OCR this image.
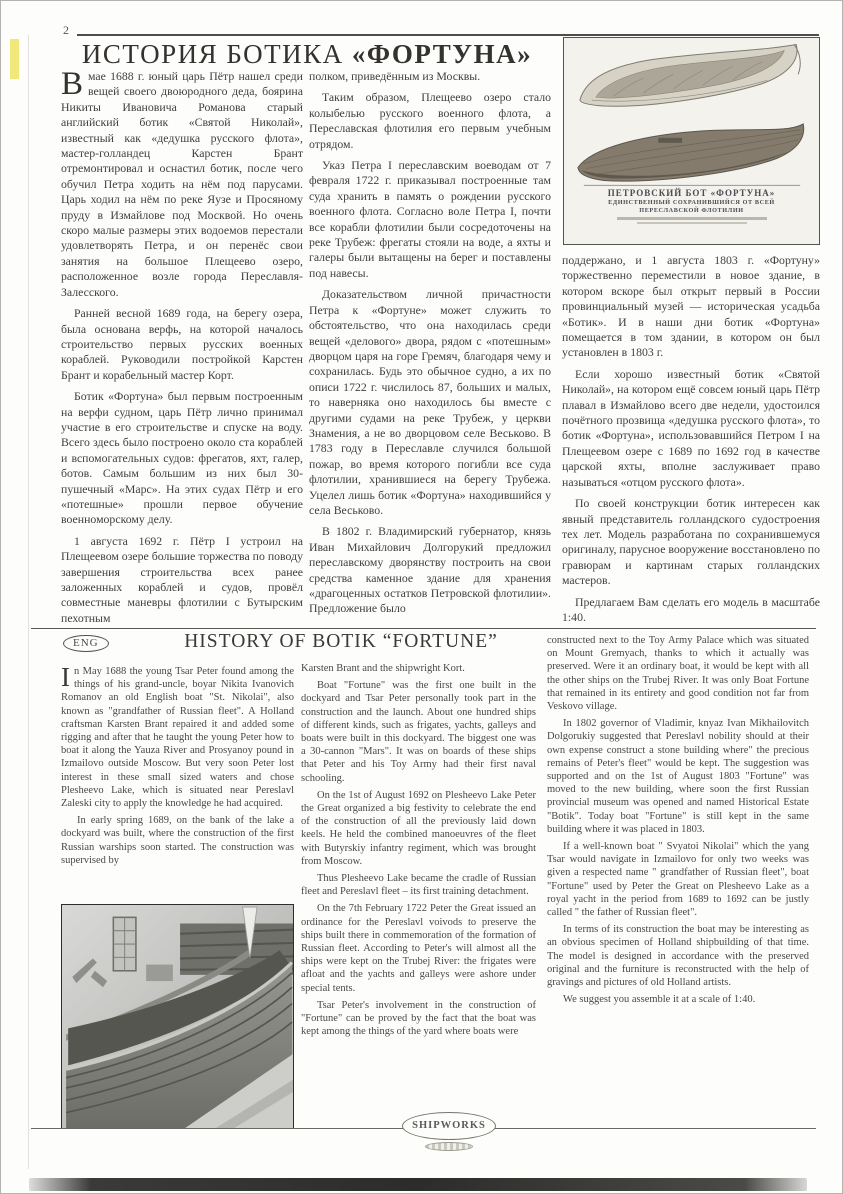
2
ИСТОРИЯ БОТИКА «ФОРТУНА»

Вмае 1688 г. юный царь Пётр нашел среди вещей своего двоюродного деда, боярина Никиты Ивановича Романова старый английский ботик «Святой Николай», известный как «дедушка русского флота», мастер-голландец Карстен Брант отремонтировал и оснастил ботик, после чего обучил Петра ходить на нём под парусами. Царь ходил на нём по реке Яузе и Просяному пруду в Измайлове под Москвой. Но очень скоро малые размеры этих водоемов перестали удовлетворять Петра, и он перенёс свои занятия на большое Плещеево озеро, расположенное возле города Переславля-Залесского.

Ранней весной 1689 года, на берегу озера, была основана верфь, на которой началось строительство первых русских военных кораблей. Руководили постройкой Карстен Брант и корабельный мастер Корт.

Ботик «Фортуна» был первым построенным на верфи судном, царь Пётр лично принимал участие в его строительстве и спуске на воду. Всего здесь было построено около ста кораблей и вспомогательных судов: фрегатов, яхт, галер, ботов. Самым большим из них был 30-пушечный «Марс». На этих судах Пётр и его «потешные» прошли первое обучение военноморскому делу.

1 августа 1692 г. Пётр I устроил на Плещеевом озере большие торжества по поводу завершения строительства всех ранее заложенных кораблей и судов, провёл совместные маневры флотилии с Бутырским пехотным

полком, приведённым из Москвы.

Таким образом, Плещеево озеро стало колыбелью русского военного флота, а Переславская флотилия его первым учебным отрядом.

Указ Петра I переславским воеводам от 7 февраля 1722 г. приказывал построенные там суда хранить в память о рождении русского военного флота. Согласно воле Петра I, почти все корабли флотилии были сосредоточены на реке Трубеж: фрегаты стояли на воде, а яхты и галеры были вытащены на берег и поставлены под навесы.

Доказательством личной причастности Петра к «Фортуне» может служить то обстоятельство, что она находилась среди вещей «делового» двора, рядом с «потешным» дворцом царя на горе Гремяч, благодаря чему и сохранилась. Будь это обычное судно, а их по описи 1722 г. числилось 87, больших и малых, то наверняка оно находилось бы вместе с другими судами на реке Трубеж, у церкви Знамения, а не во дворцовом селе Веськово. В 1783 году в Переславле случился большой пожар, во время которого погибли все суда флотилии, хранившиеся на берегу Трубежа. Уцелел лишь ботик «Фортуна» находившийся у села Веськово.

В 1802 г. Владимирский губернатор, князь Иван Михайлович Долгорукий предложил переславскому дворянству построить на свои средства каменное здание для хранения «драгоценных остатков Петровской флотилии». Предложение было

ПЕТРОВСКИЙ БОТ «ФОРТУНА»
ЕДИНСТВЕННЫЙ СОХРАНИВШИЙСЯ ОТ ВСЕЙ
ПЕРЕСЛАВСКОЙ ФЛОТИЛИИ

поддержано, и 1 августа 1803 г. «Фортуну» торжественно переместили в новое здание, в котором вскоре был открыт первый в России провинциальный музей — историческая усадьба «Ботик». И в наши дни ботик «Фортуна» помещается в том здании, в котором он был установлен в 1803 г.

Если хорошо известный ботик «Святой Николай», на котором ещё совсем юный царь Пётр плавал в Измайлово всего две недели, удостоился почётного прозвища «дедушка русского флота», то ботик «Фортуна», использовавшийся Петром I на Плещеевом озере с 1689 по 1692 год в качестве царской яхты, вполне заслуживает право называться «отцом русского флота».

По своей конструкции ботик интересен как явный представитель голландского судостроения тех лет. Модель разработана по сохранившемуся оригиналу, парусное вооружение восстановлено по гравюрам и картинам старых голландских мастеров.

Предлагаем Вам сделать его модель в масштабе 1:40.

ENG	HISTORY OF BOTIK “FORTUNE”

In May 1688 the young Tsar Peter found among the things of his grand-uncle, boyar Nikita Ivanovich Romanov an old English boat "St. Nikolai", also known as "grandfather of Russian fleet". A Holland craftsman Karsten Brant repaired it and added some rigging and after that he taught the young Peter how to boat it along the Yauza River and Prosyanoy pound in Izmailovo outside Moscow. But very soon Peter lost interest in these small sized waters and chose Plesheevo Lake, which is situated near Pereslavl Zaleski city to apply the knowledge he had acquired.

In early spring 1689, on the bank of the lake a dockyard was built, where the construction of the first Russian warships soon started. The construction was supervised by

Karsten Brant and the shipwright Kort.

Boat "Fortune" was the first one built in the dockyard and Tsar Peter personally took part in the construction and the launch. About one hundred ships of different kinds, such as frigates, yachts, galleys and boats were built in this dockyard. The biggest one was a 30-cannon "Mars". It was on boards of these ships that Peter and his Toy Army had their first naval schooling.

On the 1st of August 1692 on Plesheevo Lake Peter the Great organized a big festivity to celebrate the end of the construction of all the previously laid down keels. He held the combined manoeuvres of the fleet with Butyrskiy infantry regiment, which was brought from Moscow.

Thus Plesheevo Lake became the cradle of Russian fleet and Pereslavl fleet – its first training detachment.

On the 7th February 1722 Peter the Great issued an ordinance for the Pereslavl voivods to preserve the ships built there in commemoration of the formation of Russian fleet. According to Peter's will almost all the ships were kept on the Trubej River: the frigates were afloat and the yachts and galleys were ashore under special tents.

Tsar Peter's involvement in the construction of "Fortune" can be proved by the fact that the boat was kept among the things of the yard where boats were

constructed next to the Toy Army Palace which was situated on Mount Gremyach, thanks to which it actually was preserved. Were it an ordinary boat, it would be kept with all the other ships on the Trubej River. It was only Boat Fortune that remained in its entirety and good condition not far from Veskovo village.

In 1802 governor of Vladimir, knyaz Ivan Mikhailovitch Dolgorukiy suggested that Pereslavl nobility should at their own expense construct a stone building where" the precious remains of Peter's fleet" would be kept. The suggestion was supported and on the 1st of August 1803 "Fortune" was moved to the new building, where soon the first Russian provincial museum was opened and named Historical Estate "Botik". Today boat "Fortune" is still kept in the same building where it was placed in 1803.

If a well-known boat " Svyatoi Nikolai" which the yang Tsar would navigate in Izmailovo for only two weeks was given a respected name " grandfather of Russian fleet", boat "Fortune" used by Peter the Great on Plesheevo Lake as a royal yacht in the period from 1689 to 1692 can be justly called " the father of Russian fleet".

In terms of its construction the boat may be interesting as an obvious specimen of Holland shipbuilding of that time. The model is designed in accordance with the preserved original and the furniture is reconstructed with the help of gravings and pictures of old Holland artists.

We suggest you assemble it at a scale of 1:40.

SHIPWORKS
